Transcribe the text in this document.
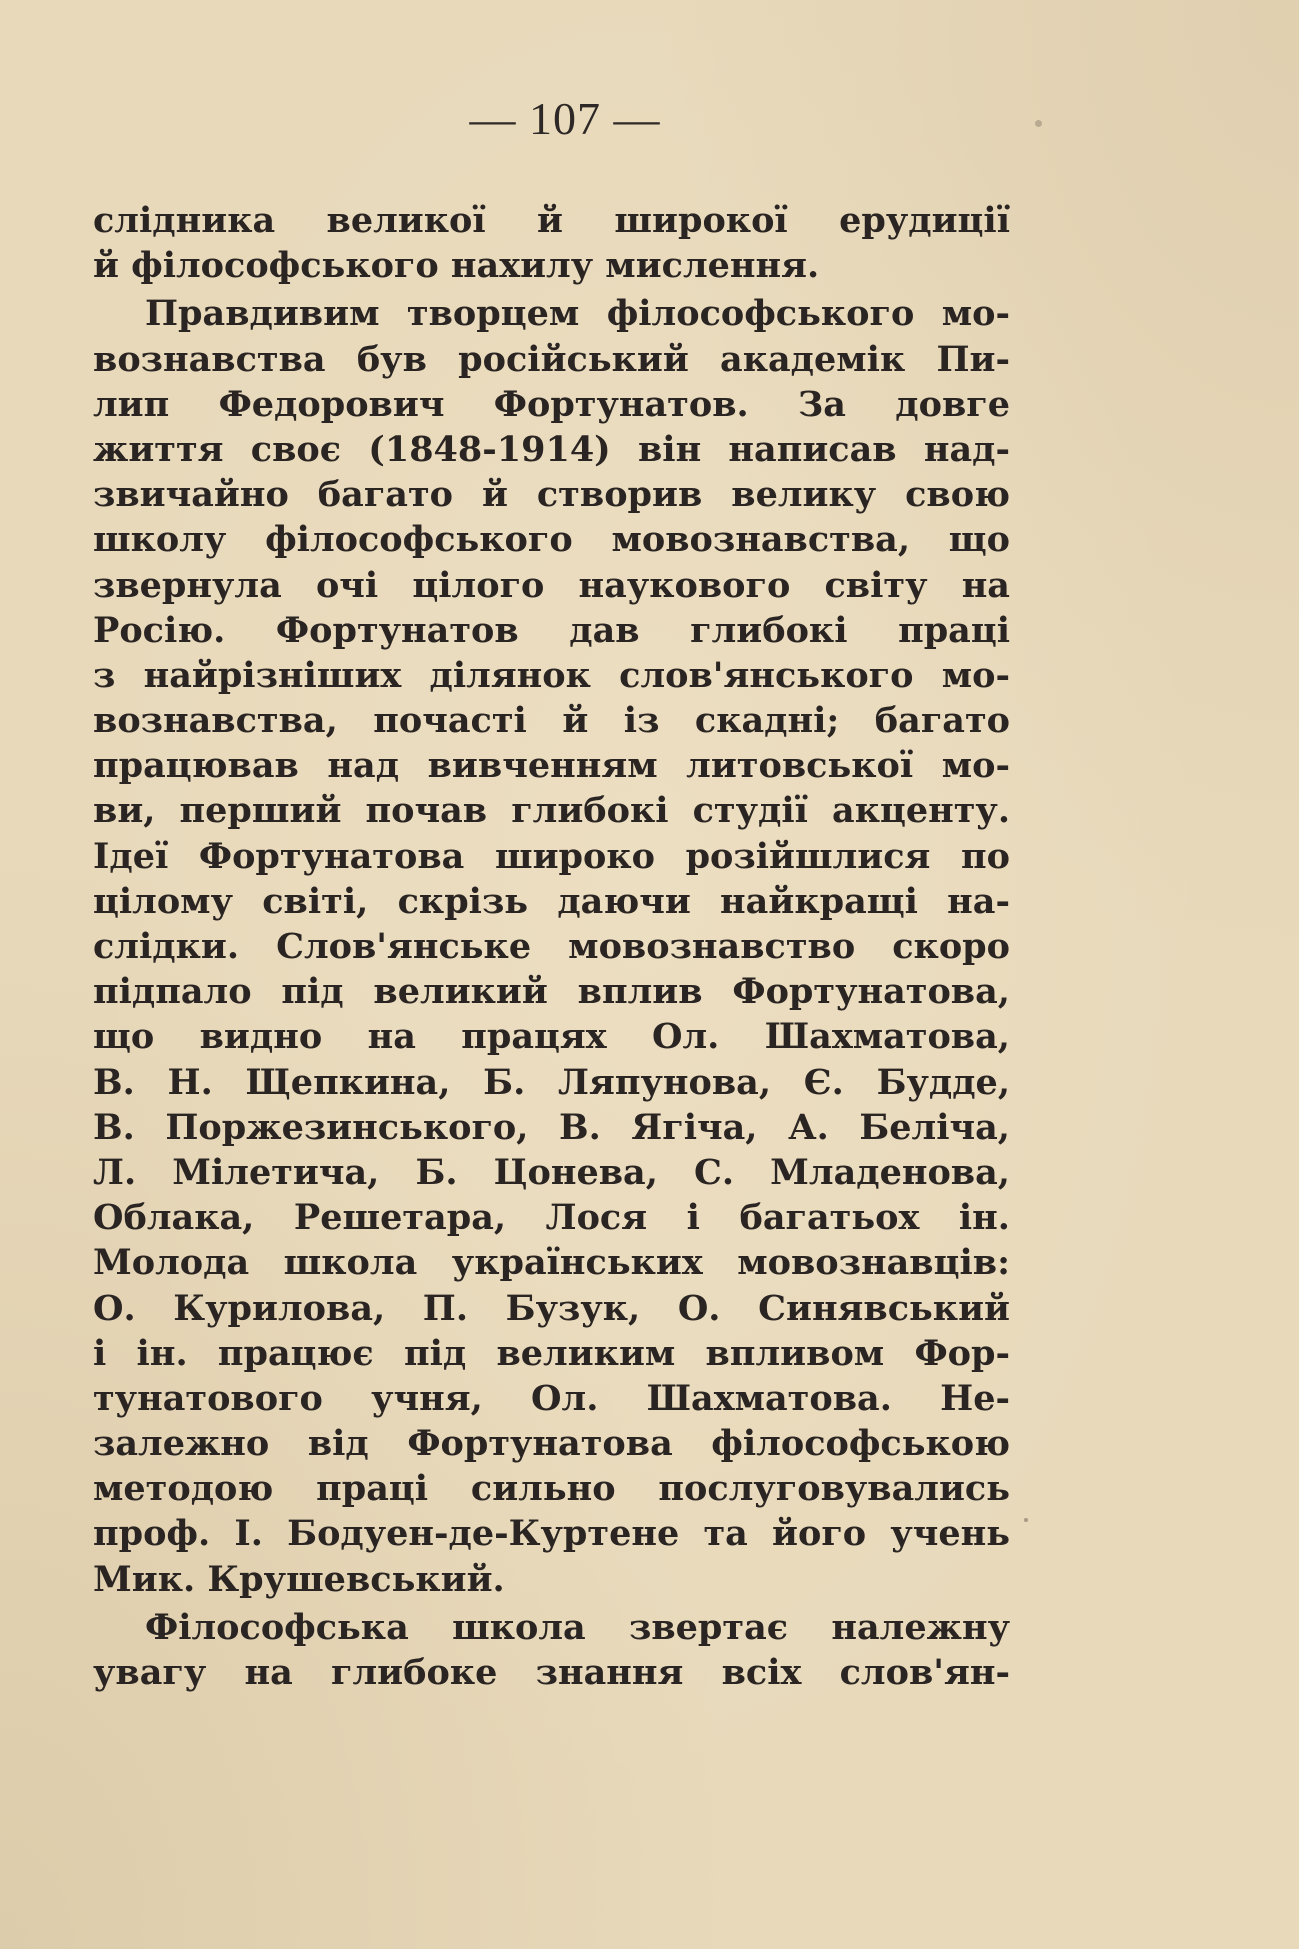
— 107 —
слідника великої й широкої ерудиції
й філософського нахилу мислення.
Правдивим творцем філософського мо-
вознавства був російський академік Пи-
лип Федорович Фортунатов. За довге
життя своє (1848-1914) він написав над-
звичайно багато й створив велику свою
школу філософського мовознавства, що
звернула очі цілого наукового світу на
Росію. Фортунатов дав глибокі праці
з найрізніших ділянок слов'янського мо-
вознавства, почасті й із скадні; багато
працював над вивченням литовської мо-
ви, перший почав глибокі студії акценту.
Ідеї Фортунатова широко розійшлися по
цілому світі, скрізь даючи найкращі на-
слідки. Слов'янське мовознавство скоро
підпало під великий вплив Фортунатова,
що видно на працях Ол. Шахматова,
В. Н. Щепкина, Б. Ляпунова, Є. Будде,
В. Поржезинського, В. Ягіча, А. Беліча,
Л. Мілетича, Б. Цонева, С. Младенова,
Облака, Решетара, Лося і багатьох ін.
Молода школа українських мовознавців:
О. Курилова, П. Бузук, О. Синявський
і ін. працює під великим впливом Фор-
тунатового учня, Ол. Шахматова. Не-
залежно від Фортунатова філософською
методою праці сильно послуговувались
проф. І. Бодуен-де-Куртене та його учень
Мик. Крушевський.
Філософська школа звертає належну
увагу на глибоке знання всіх слов'ян-
